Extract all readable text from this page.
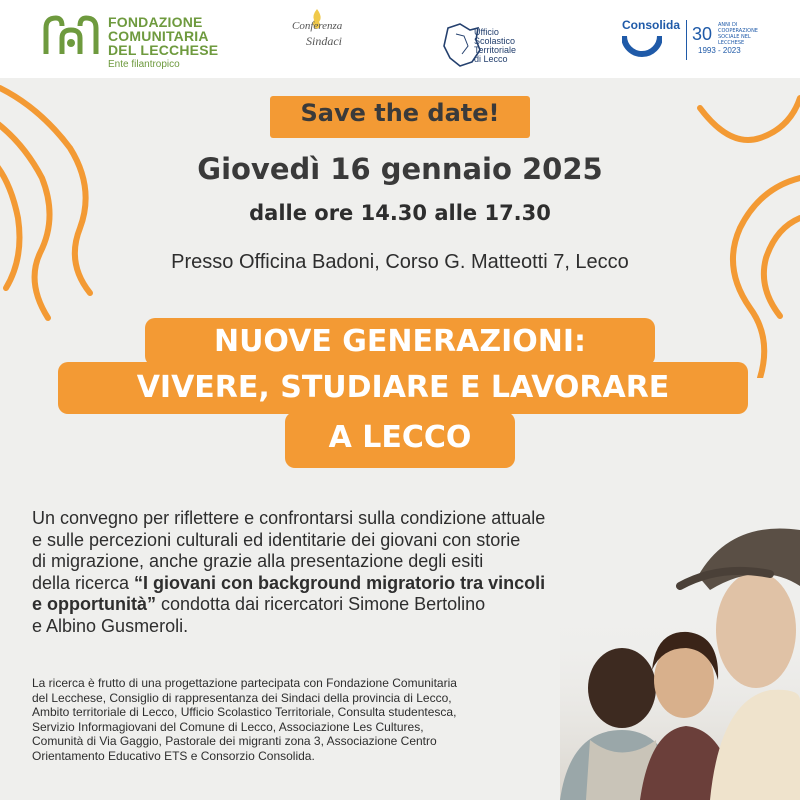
FONDAZIONE
COMUNITARIA
DEL LECCHESE
Ente filantropico
Conferenza
Sindaci
Ufficio
Scolastico
Territoriale
di Lecco
Consolida 30 ANNI DI COOPERAZIONE SOCIALE NEL LECCHESE
1993 - 2023
Save the date!
Giovedì 16 gennaio 2025
dalle ore 14.30 alle 17.30
Presso Officina Badoni, Corso G. Matteotti 7, Lecco
VIVERE, STUDIARE E LAVORARE
NUOVE GENERAZIONI:
A LECCO
Un convegno per riflettere e confrontarsi sulla condizione attuale
e sulle percezioni culturali ed identitarie dei giovani con storie
di migrazione, anche grazie alla presentazione degli esiti
della ricerca “I giovani con background migratorio tra vincoli
e opportunità” condotta dai ricercatori Simone Bertolino
e Albino Gusmeroli.
La ricerca è frutto di una progettazione partecipata con Fondazione Comunitaria
del Lecchese, Consiglio di rappresentanza dei Sindaci della provincia di Lecco,
Ambito territoriale di Lecco, Ufficio Scolastico Territoriale, Consulta studentesca,
Servizio Informagiovani del Comune di Lecco, Associazione Les Cultures,
Comunità di Via Gaggio, Pastorale dei migranti zona 3, Associazione Centro
Orientamento Educativo ETS e Consorzio Consolida.
